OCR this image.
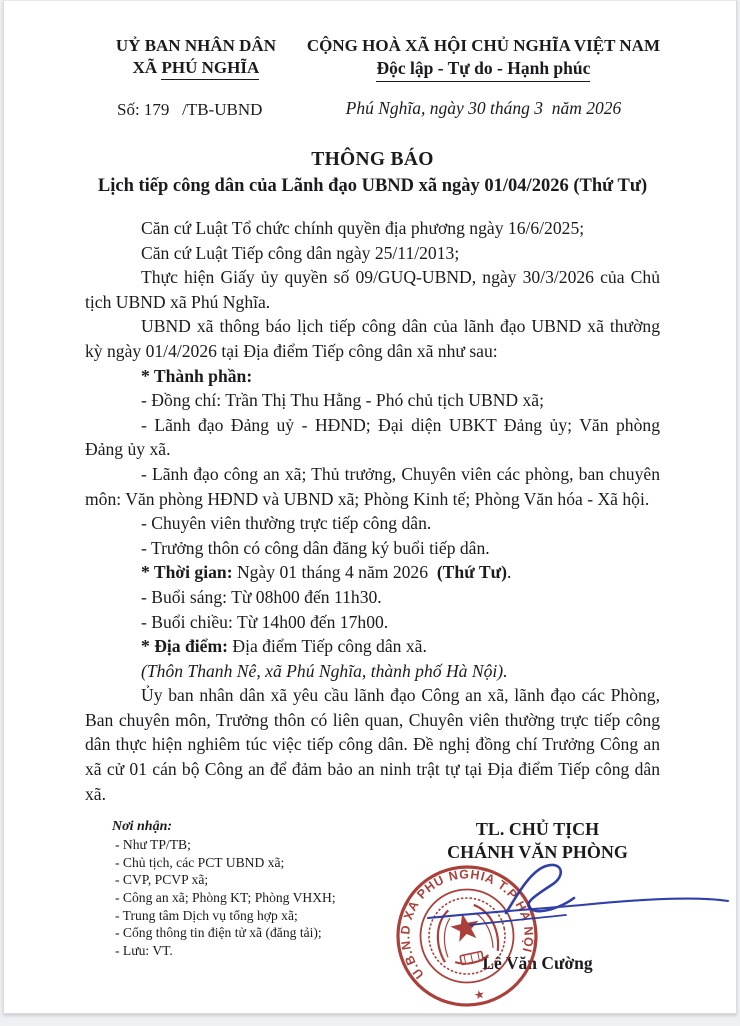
UỶ BAN NHÂN DÂN
XÃ PHÚ NGHĨA
Số: 179   /TB-UBND
CỘNG HOÀ XÃ HỘI CHỦ NGHĨA VIỆT NAM
Độc lập - Tự do - Hạnh phúc
Phú Nghĩa, ngày 30 tháng 3  năm 2026
THÔNG BÁO
Lịch tiếp công dân của Lãnh đạo UBND xã ngày 01/04/2026 (Thứ Tư)

Căn cứ Luật Tổ chức chính quyền địa phương ngày 16/6/2025;

Căn cứ Luật Tiếp công dân ngày 25/11/2013;

Thực hiện Giấy ủy quyền số 09/GUQ-UBND, ngày 30/3/2026 của Chủ tịch UBND xã Phú Nghĩa.

UBND xã thông báo lịch tiếp công dân của lãnh đạo UBND xã thường kỳ ngày 01/4/2026 tại Địa điểm Tiếp công dân xã như sau:

* Thành phần:

- Đồng chí: Trần Thị Thu Hằng - Phó chủ tịch UBND xã;

- Lãnh đạo Đảng uỷ - HĐND; Đại diện UBKT Đảng ủy; Văn phòng Đảng ủy xã.

- Lãnh đạo công an xã; Thủ trưởng, Chuyên viên các phòng, ban chuyên môn: Văn phòng HĐND và UBND xã; Phòng Kinh tế; Phòng Văn hóa - Xã hội.

- Chuyên viên thường trực tiếp công dân.

- Trưởng thôn có công dân đăng ký buổi tiếp dân.

* Thời gian: Ngày 01 tháng 4 năm 2026  (Thứ Tư).

- Buổi sáng: Từ 08h00 đến 11h30.

- Buổi chiều: Từ 14h00 đến 17h00.

* Địa điểm: Địa điểm Tiếp công dân xã.

(Thôn Thanh Nê, xã Phú Nghĩa, thành phố Hà Nội).

Ủy ban nhân dân xã yêu cầu lãnh đạo Công an xã, lãnh đạo các Phòng, Ban chuyên môn, Trưởng thôn có liên quan, Chuyên viên thường trực tiếp công dân thực hiện nghiêm túc việc tiếp công dân. Đề nghị đồng chí Trưởng Công an xã cử 01 cán bộ Công an để đảm bảo an ninh trật tự tại Địa điểm Tiếp công dân xã.

Nơi nhận:
- Như TP/TB;
- Chủ tịch, các PCT UBND xã;
- CVP, PCVP xã;
- Công an xã; Phòng KT; Phòng VHXH;
- Trung tâm Dịch vụ tổng hợp xã;
- Cổng thông tin điện tử xã (đăng tải);
- Lưu: VT.
TL. CHỦ TỊCH
CHÁNH VĂN PHÒNG
Lê Văn Cường
U.B.N.D XÃ PHÚ NGHĨA T.P HÀ NỘI
★
